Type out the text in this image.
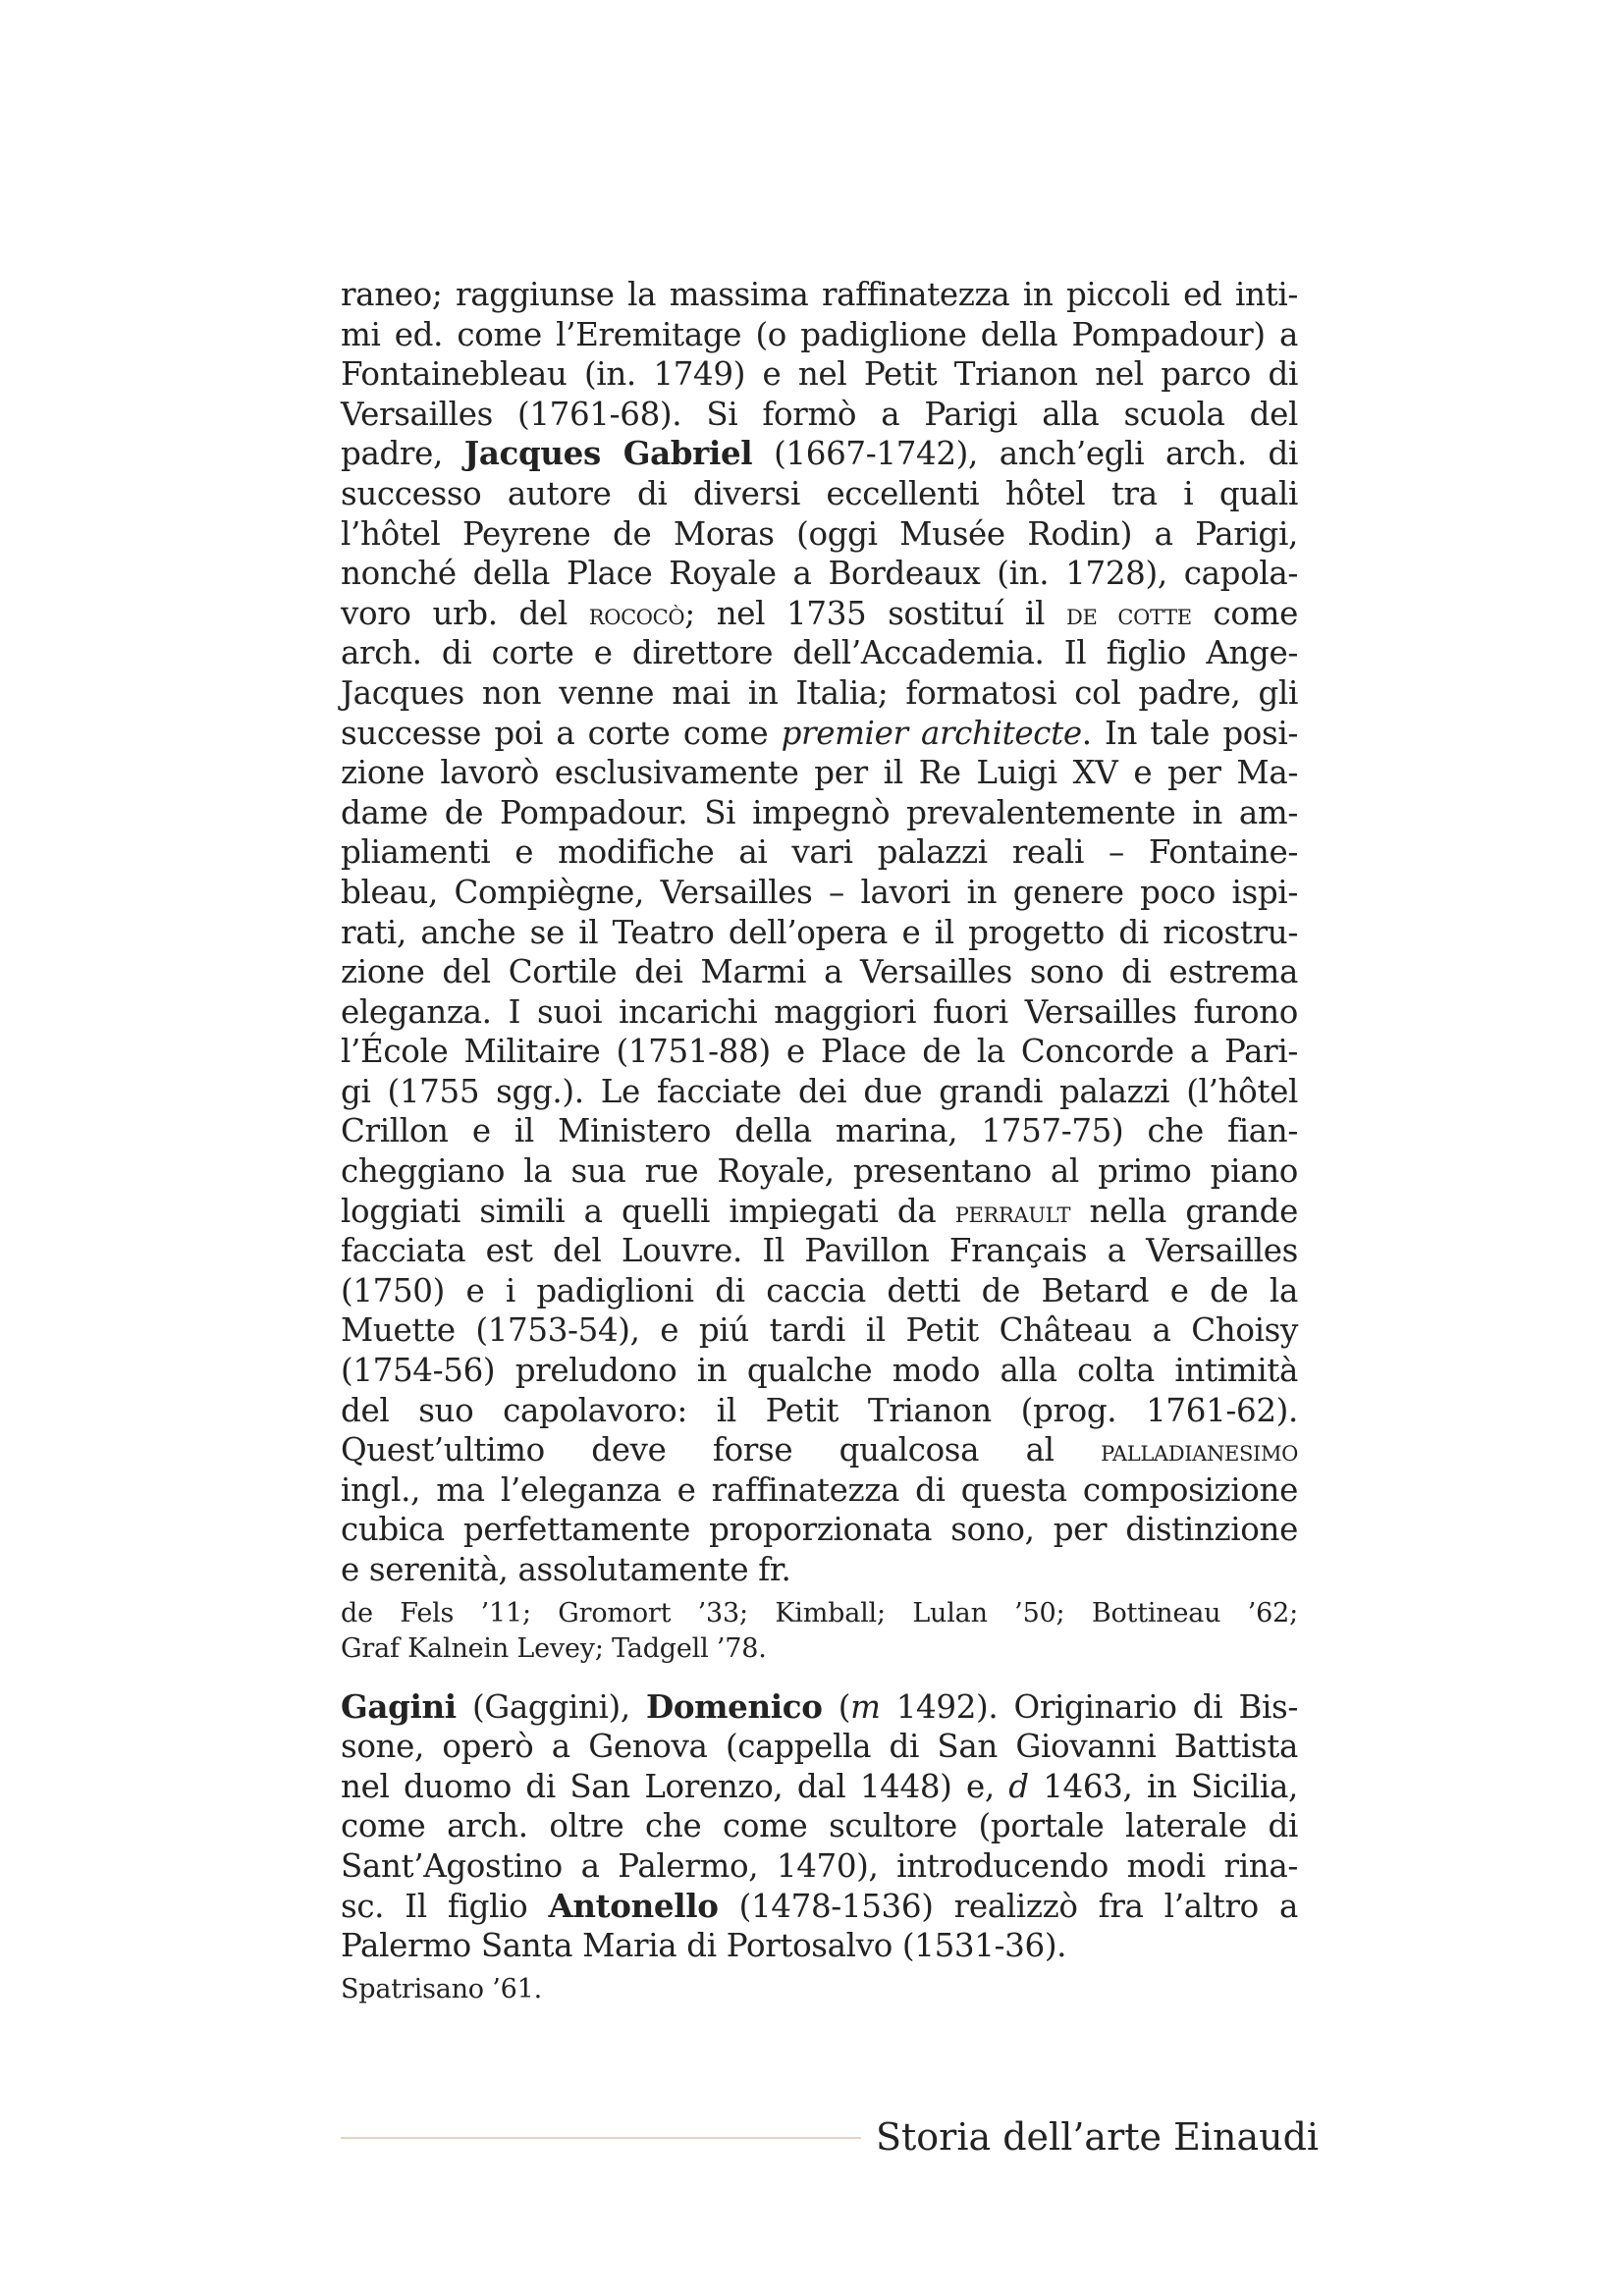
raneo; raggiunse la massima raffinatezza in piccoli ed inti-
mi ed. come l’Eremitage (o padiglione della Pompadour) a
Fontainebleau (in. 1749) e nel Petit Trianon nel parco di
Versailles (1761-68). Si formò a Parigi alla scuola del
padre, Jacques Gabriel (1667-1742), anch’egli arch. di
successo autore di diversi eccellenti hôtel tra i quali
l’hôtel Peyrene de Moras (oggi Musée Rodin) a Parigi,
nonché della Place Royale a Bordeaux (in. 1728), capola-
voro urb. del rococò; nel 1735 sostituí il de cotte come
arch. di corte e direttore dell’Accademia. Il figlio Ange-
Jacques non venne mai in Italia; formatosi col padre, gli
successe poi a corte come premier architecte. In tale posi-
zione lavorò esclusivamente per il Re Luigi XV e per Ma-
dame de Pompadour. Si impegnò prevalentemente in am-
pliamenti e modifiche ai vari palazzi reali – Fontaine-
bleau, Compiègne, Versailles – lavori in genere poco ispi-
rati, anche se il Teatro dell’opera e il progetto di ricostru-
zione del Cortile dei Marmi a Versailles sono di estrema
eleganza. I suoi incarichi maggiori fuori Versailles furono
l’École Militaire (1751-88) e Place de la Concorde a Pari-
gi (1755 sgg.). Le facciate dei due grandi palazzi (l’hôtel
Crillon e il Ministero della marina, 1757-75) che fian-
cheggiano la sua rue Royale, presentano al primo piano
loggiati simili a quelli impiegati da perrault nella grande
facciata est del Louvre. Il Pavillon Français a Versailles
(1750) e i padiglioni di caccia detti de Betard e de la
Muette (1753-54), e piú tardi il Petit Château a Choisy
(1754-56) preludono in qualche modo alla colta intimità
del suo capolavoro: il Petit Trianon (prog. 1761-62).
Quest’ultimo deve forse qualcosa al palladianesimo
ingl., ma l’eleganza e raffinatezza di questa composizione
cubica perfettamente proporzionata sono, per distinzione
e serenità, assolutamente fr.
de Fels ’11; Gromort ’33; Kimball; Lulan ’50; Bottineau ’62;
Graf Kalnein Levey; Tadgell ’78.
Gagini (Gaggini), Domenico (m 1492). Originario di Bis-
sone, operò a Genova (cappella di San Giovanni Battista
nel duomo di San Lorenzo, dal 1448) e, d 1463, in Sicilia,
come arch. oltre che come scultore (portale laterale di
Sant’Agostino a Palermo, 1470), introducendo modi rina-
sc. Il figlio Antonello (1478-1536) realizzò fra l’altro a
Palermo Santa Maria di Portosalvo (1531-36).
Spatrisano ’61.
Storia dell’arte Einaudi
